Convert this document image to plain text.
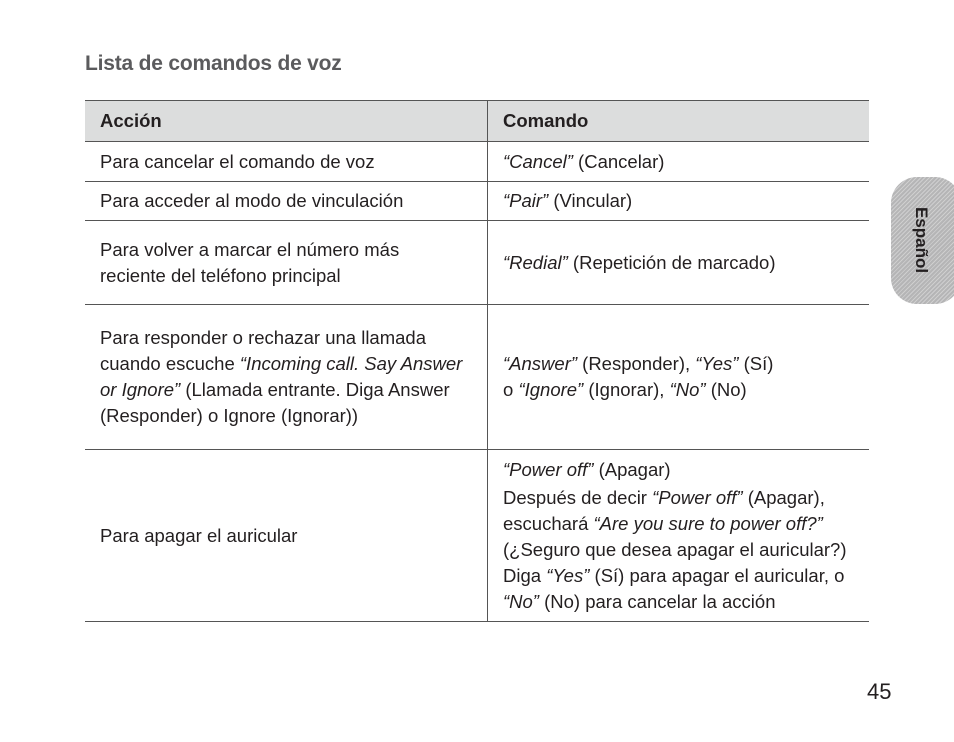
Lista de comandos de voz
Acción	Comando
Para cancelar el comando de voz	“Cancel” (Cancelar)
Para acceder al modo de vinculación	“Pair” (Vincular)
Para volver a marcar el número más reciente del teléfono principal	“Redial” (Repetición de marcado)
Para responder o rechazar una llamada cuando escuche “Incoming call. Say Answer or Ignore” (Llamada entrante. Diga Answer (Responder) o Ignore (Ignorar))	“Answer” (Responder), “Yes” (Sí)
o “Ignore” (Ignorar), “No” (No)

Para apagar el auricular	“Power off” (Apagar)
Después de decir “Power off” (Apagar), escuchará “Are you sure to power off?” (¿Seguro que desea apagar el auricular?) Diga “Yes” (Sí) para apagar el auricular, o “No” (No) para cancelar la acción
Español
45
